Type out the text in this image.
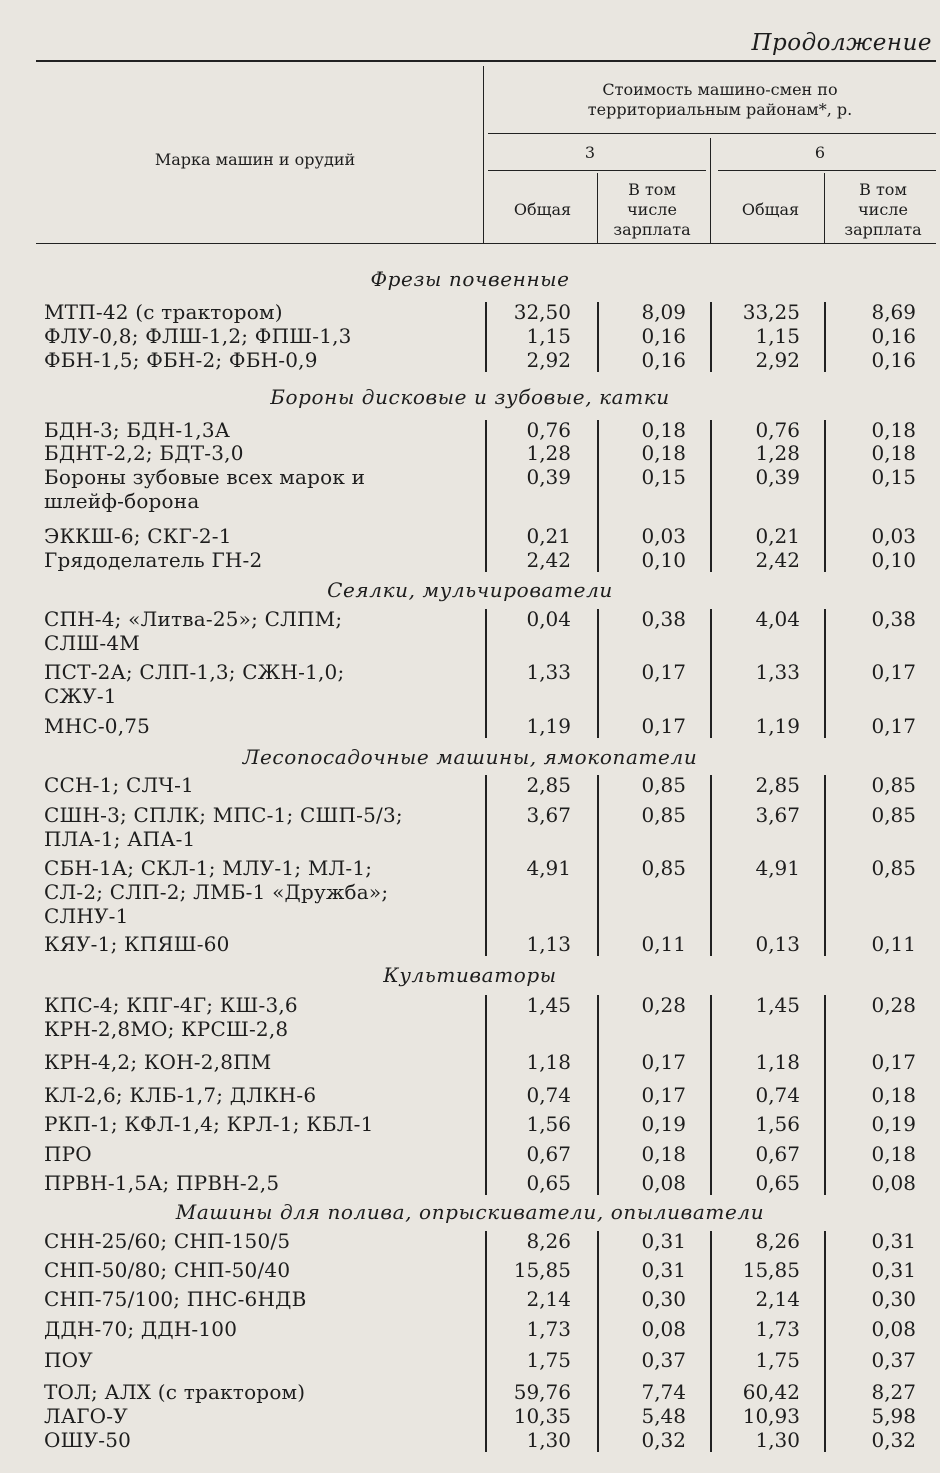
Продолжение
Марка машин и орудий
Стоимость машино-смен по территориальным районам*, р.
3	6
Общая
В том числе зарплата
Общая
В том числе зарплата
Фрезы почвенные
МТП-42 (с трактором)	32,50	8,09	33,25	8,69
ФЛУ-0,8; ФЛШ-1,2; ФПШ-1,3	1,15	0,16	1,15	0,16
ФБН-1,5; ФБН-2; ФБН-0,9	2,92	0,16	2,92	0,16
Бороны дисковые и зубовые, катки
БДН-3; БДН-1,3А	0,76	0,18	0,76	0,18
БДНТ-2,2; БДТ-3,0	1,28	0,18	1,28	0,18
Бороны зубовые всех марок и
шлейф-борона
0,39	0,15	0,39	0,15
ЭККШ-6; СКГ-2-1	0,21	0,03	0,21	0,03
Грядоделатель ГН-2	2,42	0,10	2,42	0,10
Сеялки, мульчирователи
СПН-4; «Литва-25»; СЛПМ;
СЛШ-4М
0,04	0,38	4,04	0,38
ПСТ-2А; СЛП-1,3; СЖН-1,0;
СЖУ-1
1,33	0,17	1,33	0,17
МНС-0,75	1,19	0,17	1,19	0,17
Лесопосадочные машины, ямокопатели
ССН-1; СЛЧ-1	2,85	0,85	2,85	0,85
СШН-3; СПЛК; МПС-1; СШП-5/3;
ПЛА-1; АПА-1
3,67	0,85	3,67	0,85
СБН-1А; СКЛ-1; МЛУ-1; МЛ-1;
СЛ-2; СЛП-2; ЛМБ-1 «Дружба»;
СЛНУ-1
4,91	0,85	4,91	0,85
КЯУ-1; КПЯШ-60	1,13	0,11	0,13	0,11
Культиваторы
КПС-4; КПГ-4Г; КШ-3,6
КРН-2,8МО; КРСШ-2,8
1,45	0,28	1,45	0,28
КРН-4,2; КОН-2,8ПМ	1,18	0,17	1,18	0,17
КЛ-2,6; КЛБ-1,7; ДЛКН-6	0,74	0,17	0,74	0,18
РКП-1; КФЛ-1,4; КРЛ-1; КБЛ-1	1,56	0,19	1,56	0,19
ПРО	0,67	0,18	0,67	0,18
ПРВН-1,5А; ПРВН-2,5	0,65	0,08	0,65	0,08
Машины для полива, опрыскиватели, опыливатели
СНН-25/60; СНП-150/5	8,26	0,31	8,26	0,31
СНП-50/80; СНП-50/40	15,85	0,31	15,85	0,31
СНП-75/100; ПНС-6НДВ	2,14	0,30	2,14	0,30
ДДН-70; ДДН-100	1,73	0,08	1,73	0,08
ПОУ	1,75	0,37	1,75	0,37
ТОЛ; АЛХ (с трактором)	59,76	7,74	60,42	8,27
ЛАГО-У	10,35	5,48	10,93	5,98
ОШУ-50	1,30	0,32	1,30	0,32
